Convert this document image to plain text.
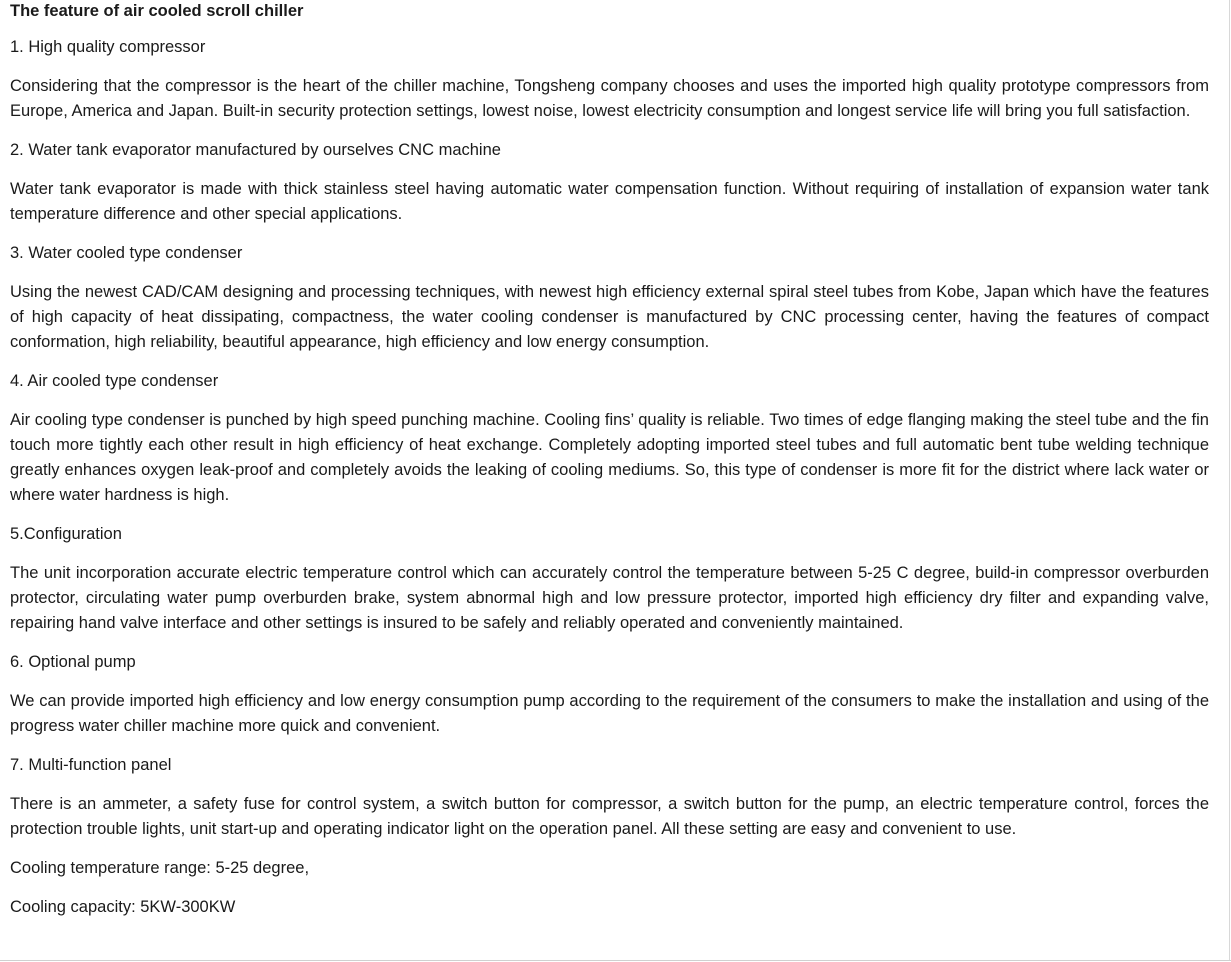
The feature of air cooled scroll chiller

1. High quality compressor

Considering that the compressor is the heart of the chiller machine, Tongsheng company chooses and uses the imported high quality prototype compressors from Europe, America and Japan. Built-in security protection settings, lowest noise, lowest electricity consumption and longest service life will bring you full satisfaction.

2. Water tank evaporator manufactured by ourselves CNC machine

Water tank evaporator is made with thick stainless steel having automatic water compensation function. Without requiring of installation of expansion water tank temperature difference and other special applications.

3. Water cooled type condenser

Using the newest CAD/CAM designing and processing techniques, with newest high efficiency external spiral steel tubes from Kobe, Japan which have the features of high capacity of heat dissipating, compactness, the water cooling condenser is manufactured by CNC processing center, having the features of compact conformation, high reliability, beautiful appearance, high efficiency and low energy consumption.

4. Air cooled type condenser

Air cooling type condenser is punched by high speed punching machine. Cooling fins’ quality is reliable. Two times of edge flanging making the steel tube and the fin touch more tightly each other result in high efficiency of heat exchange. Completely adopting imported steel tubes and full automatic bent tube welding technique greatly enhances oxygen leak-proof and completely avoids the leaking of cooling mediums. So, this type of condenser is more fit for the district where lack water or where water hardness is high.

5.Configuration

The unit incorporation accurate electric temperature control which can accurately control the temperature between 5-25 C degree, build-in compressor overburden protector, circulating water pump overburden brake, system abnormal high and low pressure protector, imported high efficiency dry filter and expanding valve, repairing hand valve interface and other settings is insured to be safely and reliably operated and conveniently maintained.

6. Optional pump

We can provide imported high efficiency and low energy consumption pump according to the requirement of the consumers to make the installation and using of the progress water chiller machine more quick and convenient.

7. Multi-function panel

There is an ammeter, a safety fuse for control system, a switch button for compressor, a switch button for the pump, an electric temperature control, forces the protection trouble lights, unit start-up and operating indicator light on the operation panel. All these setting are easy and convenient to use.

Cooling temperature range: 5-25 degree,

Cooling capacity: 5KW-300KW
